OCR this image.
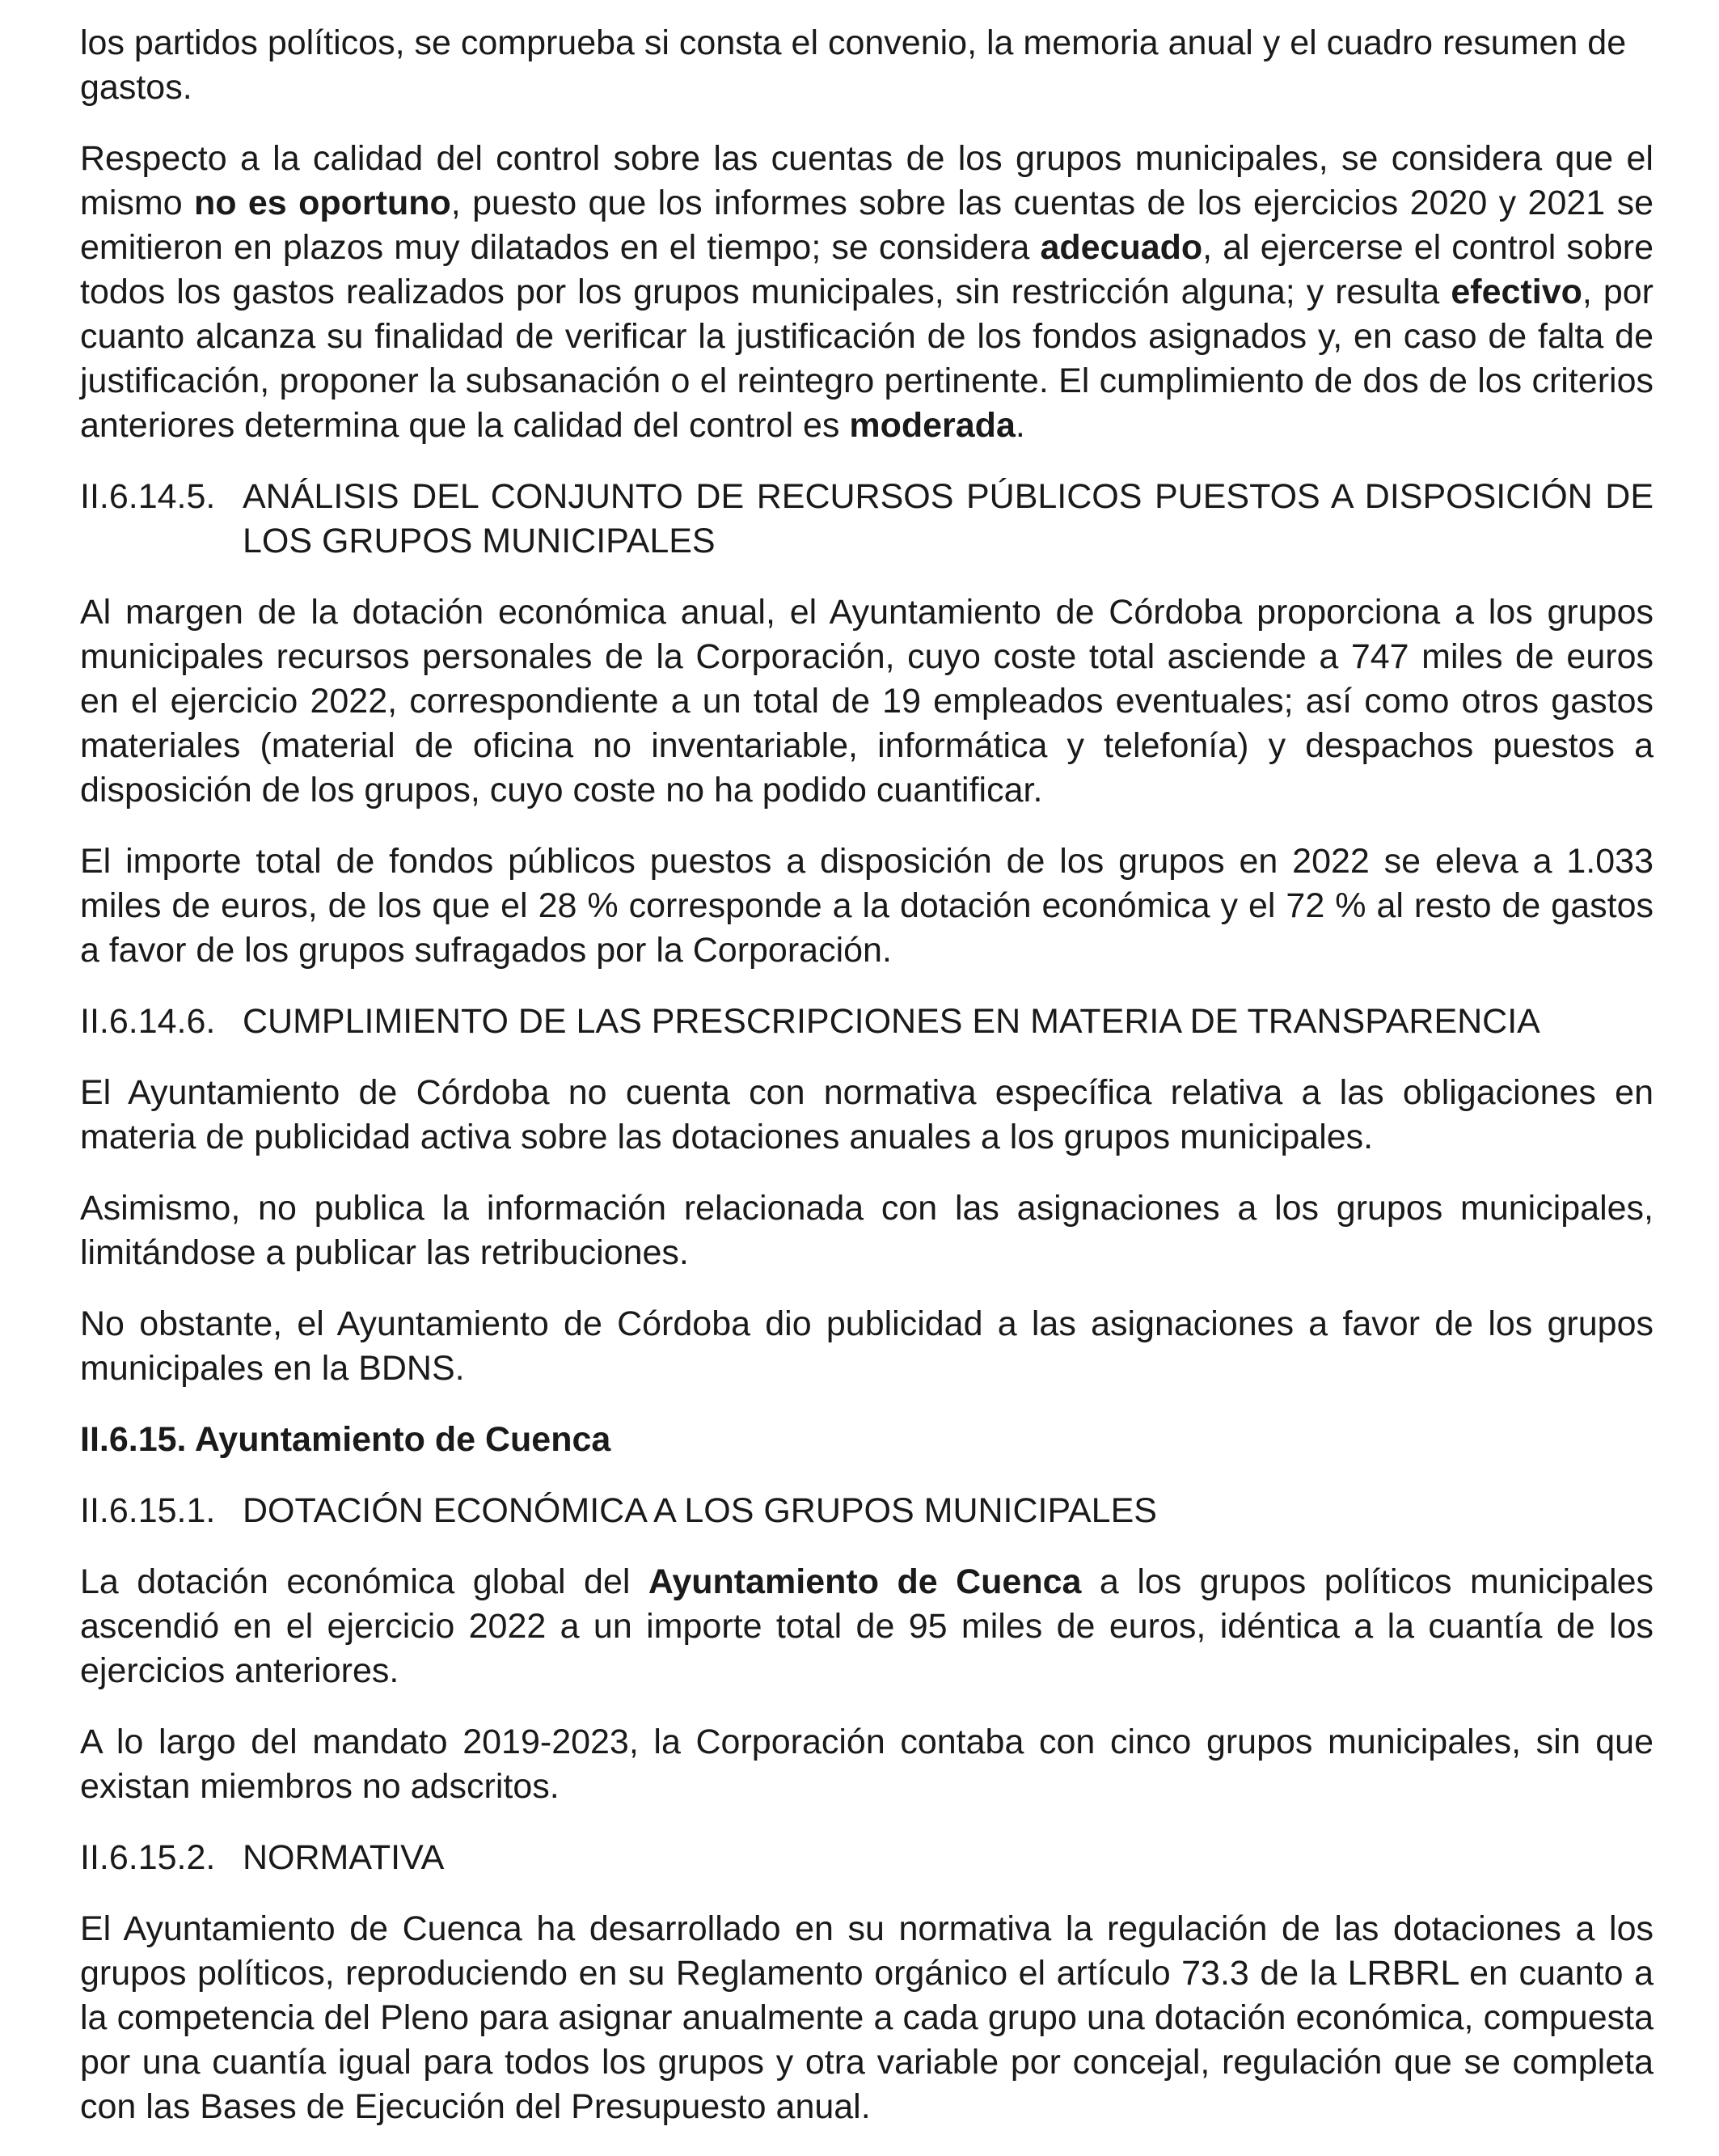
los partidos políticos, se comprueba si consta el convenio, la memoria anual y el cuadro resumen de gastos.

Respecto a la calidad del control sobre las cuentas de los grupos municipales, se considera que el mismo no es oportuno, puesto que los informes sobre las cuentas de los ejercicios 2020 y 2021 se emitieron en plazos muy dilatados en el tiempo; se considera adecuado, al ejercerse el control sobre todos los gastos realizados por los grupos municipales, sin restricción alguna; y resulta efectivo, por cuanto alcanza su finalidad de verificar la justificación de los fondos asignados y, en caso de falta de justificación, proponer la subsanación o el reintegro pertinente. El cumplimiento de dos de los criterios anteriores determina que la calidad del control es moderada.

II.6.14.5. ANÁLISIS DEL CONJUNTO DE RECURSOS PÚBLICOS PUESTOS A DISPOSICIÓN DE LOS GRUPOS MUNICIPALES

Al margen de la dotación económica anual, el Ayuntamiento de Córdoba proporciona a los grupos municipales recursos personales de la Corporación, cuyo coste total asciende a 747 miles de euros en el ejercicio 2022, correspondiente a un total de 19 empleados eventuales; así como otros gastos materiales (material de oficina no inventariable, informática y telefonía) y despachos puestos a disposición de los grupos, cuyo coste no ha podido cuantificar.

El importe total de fondos públicos puestos a disposición de los grupos en 2022 se eleva a 1.033 miles de euros, de los que el 28 % corresponde a la dotación económica y el 72 % al resto de gastos a favor de los grupos sufragados por la Corporación.

II.6.14.6. CUMPLIMIENTO DE LAS PRESCRIPCIONES EN MATERIA DE TRANSPARENCIA

El Ayuntamiento de Córdoba no cuenta con normativa específica relativa a las obligaciones en materia de publicidad activa sobre las dotaciones anuales a los grupos municipales.

Asimismo, no publica la información relacionada con las asignaciones a los grupos municipales, limitándose a publicar las retribuciones.

No obstante, el Ayuntamiento de Córdoba dio publicidad a las asignaciones a favor de los grupos municipales en la BDNS.

II.6.15. Ayuntamiento de Cuenca
II.6.15.1. DOTACIÓN ECONÓMICA A LOS GRUPOS MUNICIPALES

La dotación económica global del Ayuntamiento de Cuenca a los grupos políticos municipales ascendió en el ejercicio 2022 a un importe total de 95 miles de euros, idéntica a la cuantía de los ejercicios anteriores.

A lo largo del mandato 2019-2023, la Corporación contaba con cinco grupos municipales, sin que existan miembros no adscritos.

II.6.15.2. NORMATIVA

El Ayuntamiento de Cuenca ha desarrollado en su normativa la regulación de las dotaciones a los grupos políticos, reproduciendo en su Reglamento orgánico el artículo 73.3 de la LRBRL en cuanto a la competencia del Pleno para asignar anualmente a cada grupo una dotación económica, compuesta por una cuantía igual para todos los grupos y otra variable por concejal, regulación que se completa con las Bases de Ejecución del Presupuesto anual.
